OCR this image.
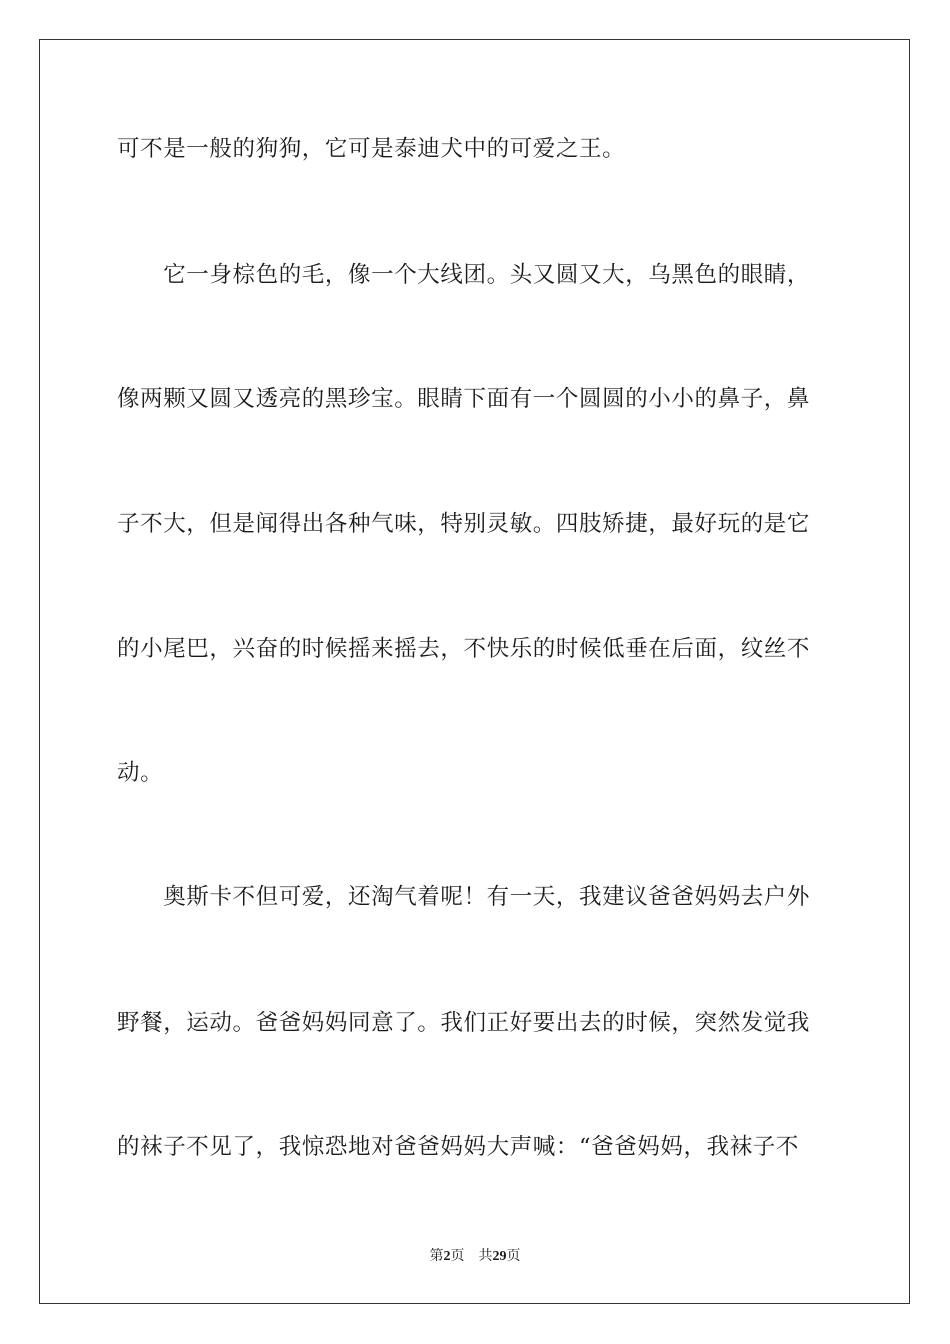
可不是一般的狗狗，它可是泰迪犬中的可爱之王。
　　它一身棕色的毛，像一个大线团。头又圆又大，乌黑色的眼睛，
像两颗又圆又透亮的黑珍宝。眼睛下面有一个圆圆的小小的鼻子，鼻
子不大，但是闻得出各种气味，特别灵敏。四肢矫捷，最好玩的是它
的小尾巴，兴奋的时候摇来摇去，不快乐的时候低垂在后面，纹丝不
动。
　　奥斯卡不但可爱，还淘气着呢！有一天，我建议爸爸妈妈去户外
野餐，运动。爸爸妈妈同意了。我们正好要出去的时候，突然发觉我
的袜子不见了，我惊恐地对爸爸妈妈大声喊：“爸爸妈妈，我袜子不
第2页 共29页
